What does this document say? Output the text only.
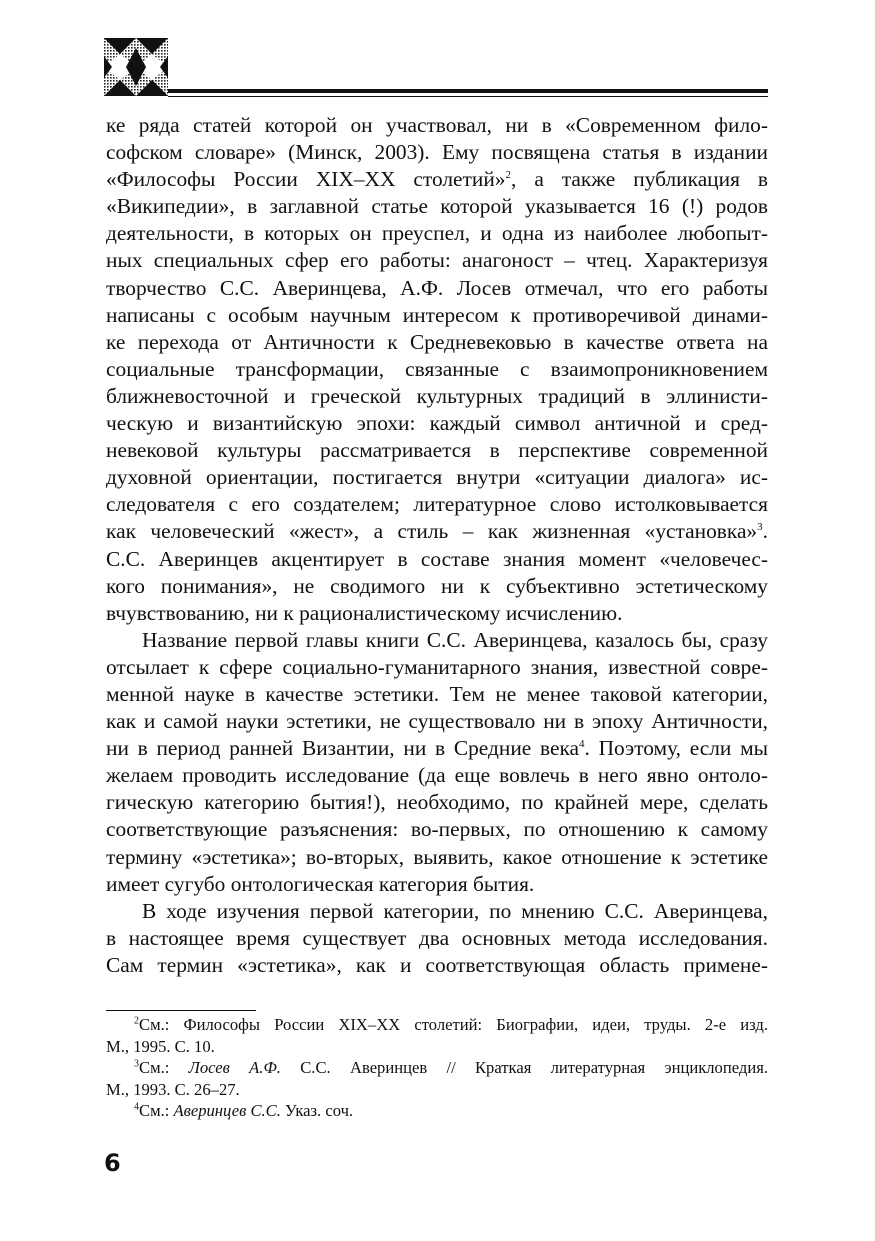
ке ряда статей которой он участвовал, ни в «Современном фило-
софском словаре» (Минск, 2003). Ему посвящена статья в издании
«Философы России XIX–XX столетий»$^2$, а также публикация в
«Википедии», в заглавной статье которой указывается 16 (!) родов
деятельности, в которых он преуспел, и одна из наиболее любопыт-
ных специальных сфер его работы: анагоност – чтец. Характеризуя
творчество С.С. Аверинцева, А.Ф. Лосев отмечал, что его работы
написаны с особым научным интересом к противоречивой динами-
ке перехода от Античности к Средневековью в качестве ответа на
социальные трансформации, связанные с взаимопроникновением
ближневосточной и греческой культурных традиций в эллинисти-
ческую и византийскую эпохи: каждый символ античной и сред-
невековой культуры рассматривается в перспективе современной
духовной ориентации, постигается внутри «ситуации диалога» ис-
следователя с его создателем; литературное слово истолковывается
как человеческий «жест», а стиль – как жизненная «установка»$^3$.
С.С. Аверинцев акцентирует в составе знания момент «человечес-
кого понимания», не сводимого ни к субъективно эстетическому
вчувствованию, ни к рационалистическому исчислению.
Название первой главы книги С.С. Аверинцева, казалось бы, сразу
отсылает к сфере социально-гуманитарного знания, известной совре-
менной науке в качестве эстетики. Тем не менее таковой категории,
как и самой науки эстетики, не существовало ни в эпоху Античности,
ни в период ранней Византии, ни в Средние века$^4$. Поэтому, если мы
желаем проводить исследование (да еще вовлечь в него явно онтоло-
гическую категорию бытия!), необходимо, по крайней мере, сделать
соответствующие разъяснения: во-первых, по отношению к самому
термину «эстетика»; во-вторых, выявить, какое отношение к эстетике
имеет сугубо онтологическая категория бытия.
В ходе изучения первой категории, по мнению С.С. Аверинцева,
в настоящее время существует два основных метода исследования.
Сам термин «эстетика», как и соответствующая область примене-
$^2$См.: Философы России XIX–XX столетий: Биографии, идеи, труды. 2-е изд.
М., 1995. С. 10.
$^3$См.: Лосев А.Ф. С.С. Аверинцев // Краткая литературная энциклопедия.
М., 1993. С. 26–27.
$^4$См.: Аверинцев С.С. Указ. соч.
6
